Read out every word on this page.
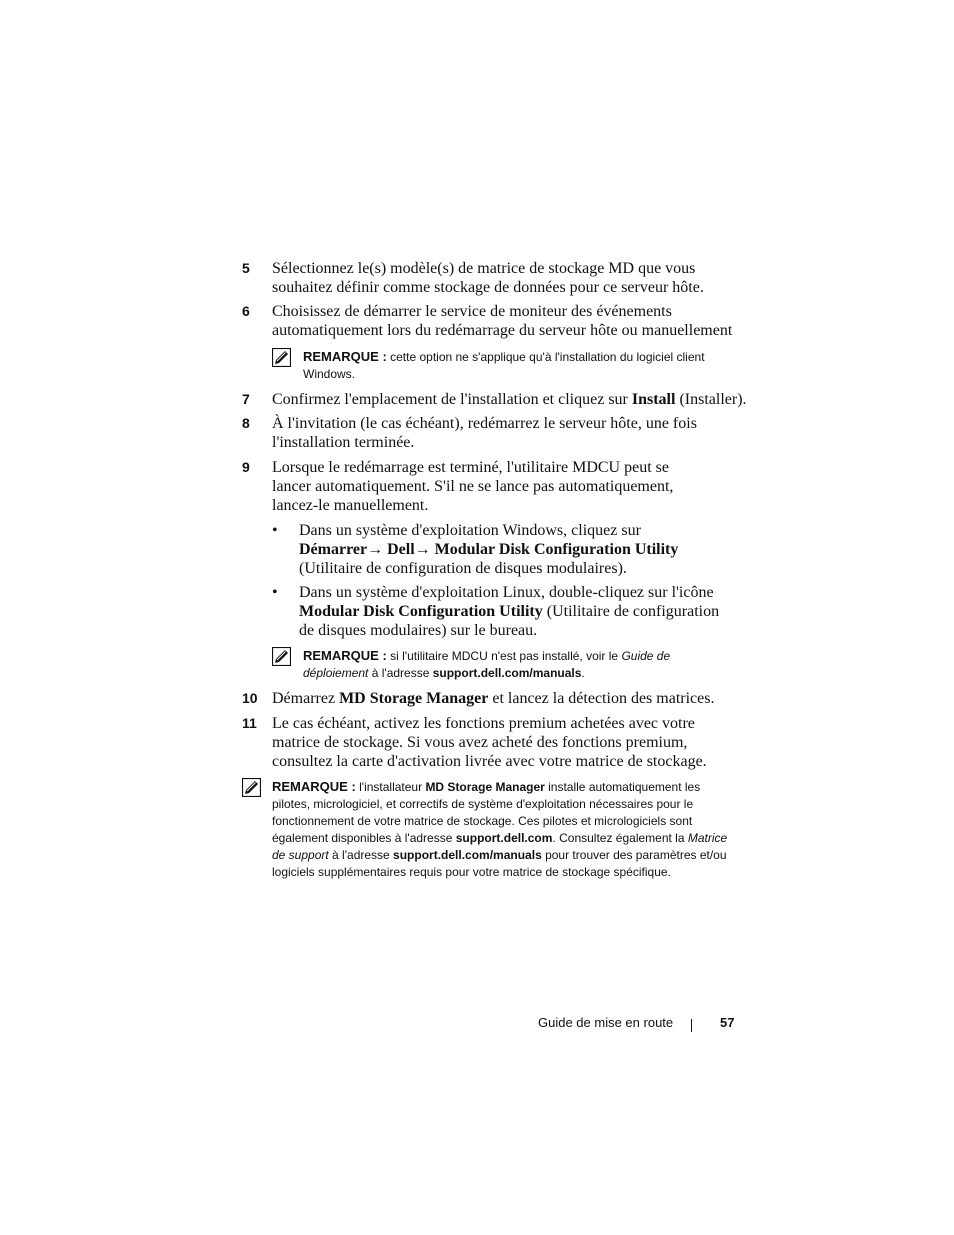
5 Sélectionnez le(s) modèle(s) de matrice de stockage MD que vous souhaitez définir comme stockage de données pour ce serveur hôte.
6 Choisissez de démarrer le service de moniteur des événements automatiquement lors du redémarrage du serveur hôte ou manuellement
REMARQUE : cette option ne s'applique qu'à l'installation du logiciel client Windows.
7 Confirmez l'emplacement de l'installation et cliquez sur Install (Installer).
8 À l'invitation (le cas échéant), redémarrez le serveur hôte, une fois l'installation terminée.
9 Lorsque le redémarrage est terminé, l'utilitaire MDCU peut se lancer automatiquement. S'il ne se lance pas automatiquement, lancez-le manuellement.
• Dans un système d'exploitation Windows, cliquez sur Démarrer→ Dell→ Modular Disk Configuration Utility (Utilitaire de configuration de disques modulaires).
• Dans un système d'exploitation Linux, double-cliquez sur l'icône Modular Disk Configuration Utility (Utilitaire de configuration de disques modulaires) sur le bureau.
REMARQUE : si l'utilitaire MDCU n'est pas installé, voir le Guide de déploiement à l'adresse support.dell.com/manuals.
10 Démarrez MD Storage Manager et lancez la détection des matrices.
11 Le cas échéant, activez les fonctions premium achetées avec votre matrice de stockage. Si vous avez acheté des fonctions premium, consultez la carte d'activation livrée avec votre matrice de stockage.
REMARQUE : l'installateur MD Storage Manager installe automatiquement les pilotes, micrologiciel, et correctifs de système d'exploitation nécessaires pour le fonctionnement de votre matrice de stockage. Ces pilotes et micrologiciels sont également disponibles à l'adresse support.dell.com. Consultez également la Matrice de support à l'adresse support.dell.com/manuals pour trouver des paramètres et/ou logiciels supplémentaires requis pour votre matrice de stockage spécifique.
Guide de mise en route	57
